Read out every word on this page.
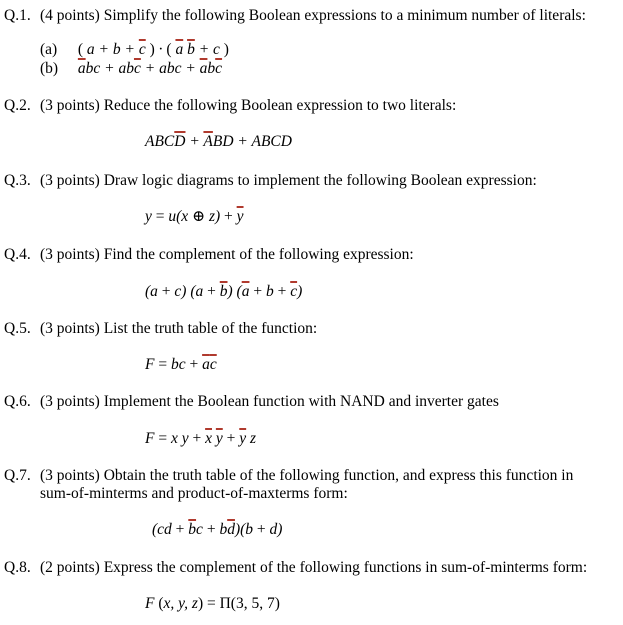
Q.1. (4 points) Simplify the following Boolean expressions to a minimum number of literals:
(a) ( $a + b + \overline{c}$ ) · ( $\overline{a}$ $\overline{b} + c$ )
(b) $\overline{a}bc + ab\overline{c}$ + abc + $\overline{a}b\overline{c}$
Q.2. (3 points) Reduce the following Boolean expression to two literals:
$ABC\overline{D} + \overline{A}BD$ + ABCD
Q.3. (3 points) Draw logic diagrams to implement the following Boolean expression:
y = u(x ⊕ $z) + \overline{y}$
Q.4. (3 points) Find the complement of the following expression:
(a + c) $(a + \overline{b})$ $(\overline{a} + b + \overline{c})$
Q.5. (3 points) List the truth table of the function:
F = bc + $\overline{a}\overline{c}$
Q.6. (3 points) Implement the Boolean function with NAND and inverter gates
F = x $y + \overline{x}$ $\overline{y} + \overline{y}$ z
Q.7. (3 points) Obtain the truth table of the following function, and express this function in
sum-of-minterms and product-of-maxterms form:
$(cd + \overline{b}c + b\overline{d})(b + d)$
Q.8. (2 points) Express the complement of the following functions in sum-of-minterms form:
F (x, y, z) = Π(3, 5, 7)
